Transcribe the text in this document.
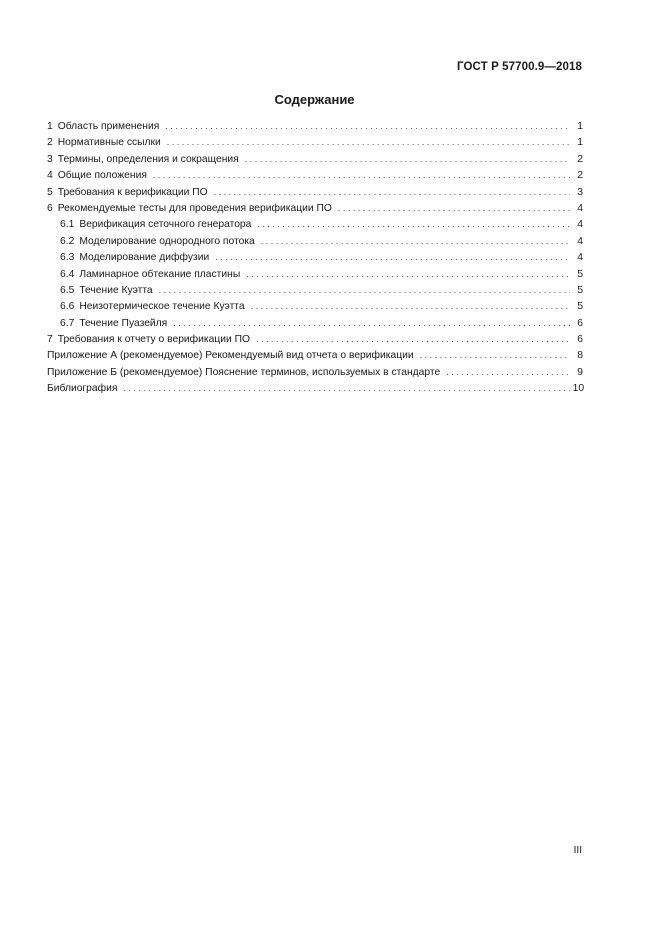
ГОСТ Р 57700.9—2018
Содержание
1 Область применения . . .	1
2 Нормативные ссылки . . .	1
3 Термины, определения и сокращения . . .	2
4 Общие положения . . .	2
5 Требования к верификации ПО . . .	3
6 Рекомендуемые тесты для проведения верификации ПО . . .	4
6.1 Верификация сеточного генератора . . .	4
6.2 Моделирование однородного потока . . .	4
6.3 Моделирование диффузии . . .	4
6.4 Ламинарное обтекание пластины . . .	5
6.5 Течение Куэтта . . .	5
6.6 Неизотермическое течение Куэтта . . .	5
6.7 Течение Пуазейля . . .	6
7 Требования к отчету о верификации ПО . . .	6
Приложение А (рекомендуемое) Рекомендуемый вид отчета о верификации . . .	8
Приложение Б (рекомендуемое) Пояснение терминов, используемых в стандарте . . .	9
Библиография . . .	10
III
